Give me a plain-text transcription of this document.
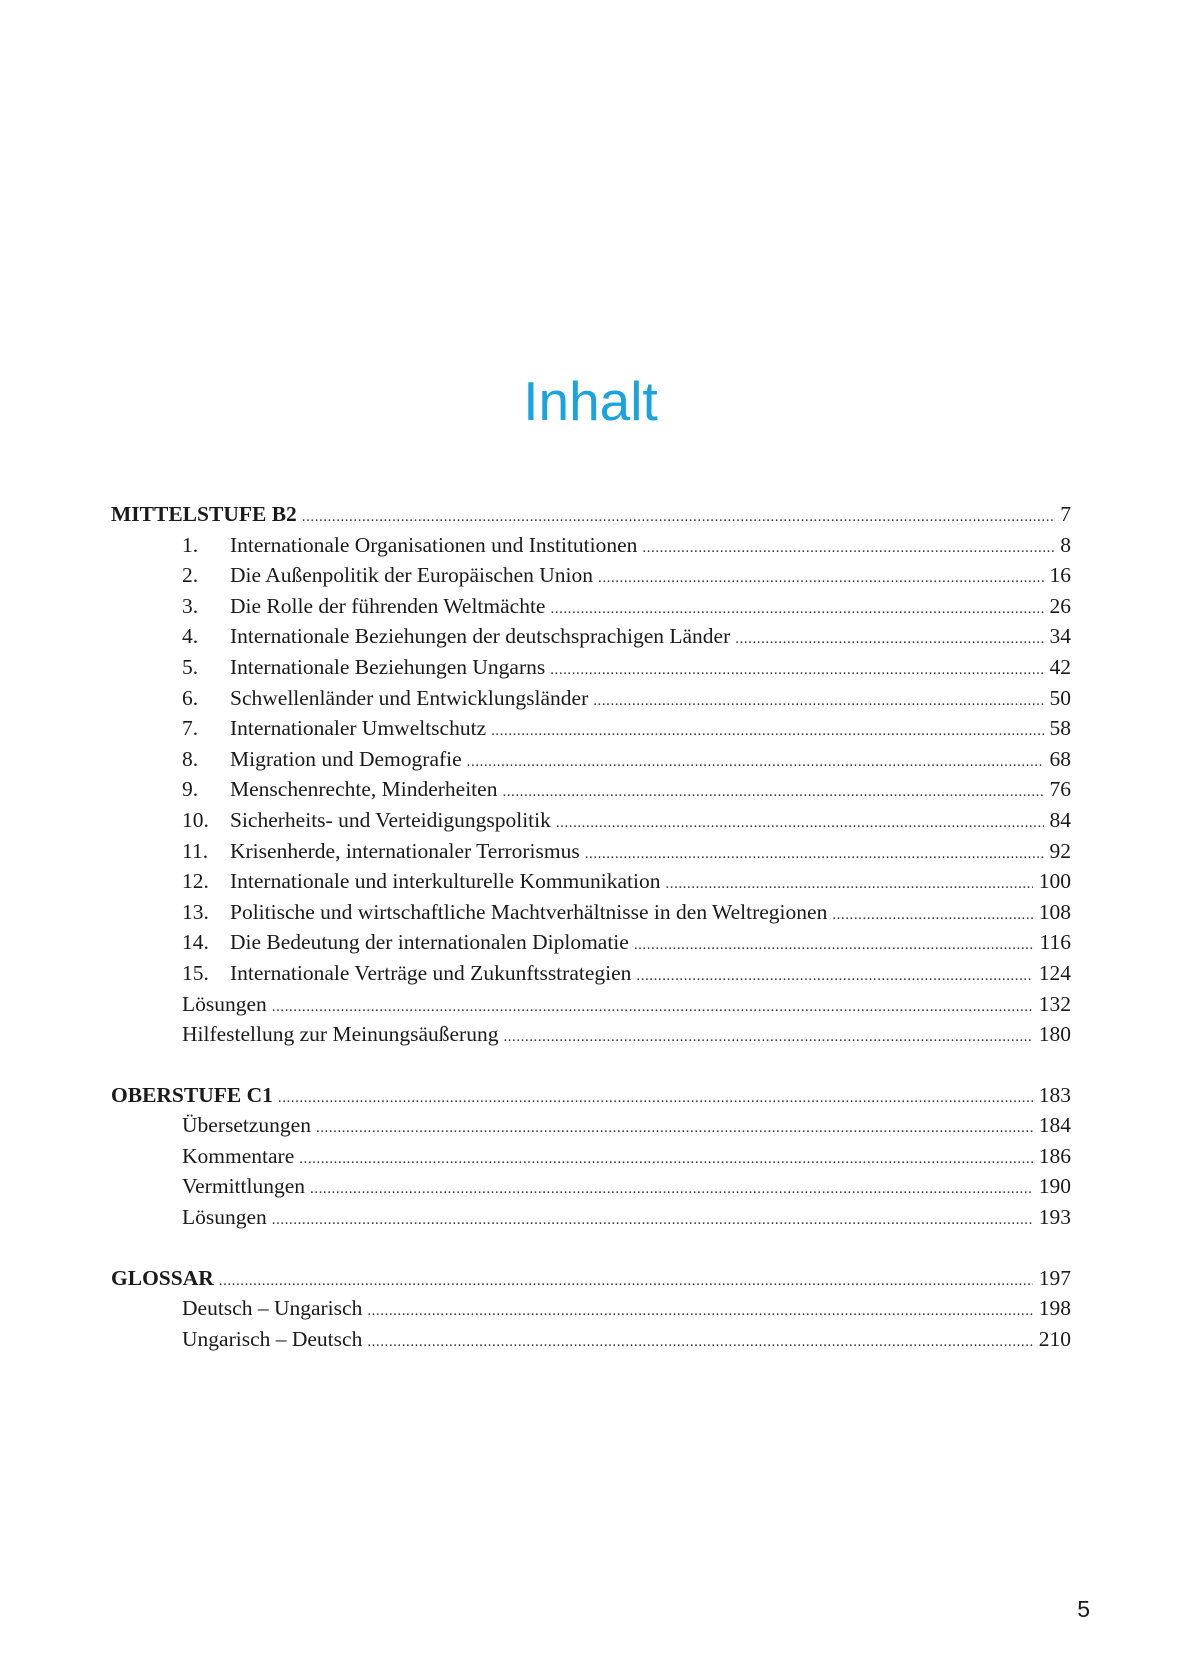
Inhalt
MITTELSTUFE B2 . . .	7
1.	Internationale Organisationen und Institutionen . . .	8
2.	Die Außenpolitik der Europäischen Union . . .	16
3.	Die Rolle der führenden Weltmächte . . .	26
4.	Internationale Beziehungen der deutschsprachigen Länder . . .	34
5.	Internationale Beziehungen Ungarns . . .	42
6.	Schwellenländer und Entwicklungsländer . . .	50
7.	Internationaler Umweltschutz . . .	58
8.	Migration und Demografie . . .	68
9.	Menschenrechte, Minderheiten . . .	76
10. Sicherheits- und Verteidigungspolitik . . .	84
11.	Krisenherde, internationaler Terrorismus . . .	92
12. Internationale und interkulturelle Kommunikation . . .	100
13. Politische und wirtschaftliche Machtverhältnisse in den Weltregionen . . .	108
14. Die Bedeutung der internationalen Diplomatie . . .	116
15. Internationale Verträge und Zukunftsstrategien . . .	124
Lösungen . . .	132
Hilfestellung zur Meinungsäußerung . . .	180
OBERSTUFE C1 . . .	183
Übersetzungen . . .	184
Kommentare . . .	186
Vermittlungen . . .	190
Lösungen . . .	193
GLOSSAR . . .	197
Deutsch – Ungarisch . . .	198
Ungarisch – Deutsch . . .	210

5
